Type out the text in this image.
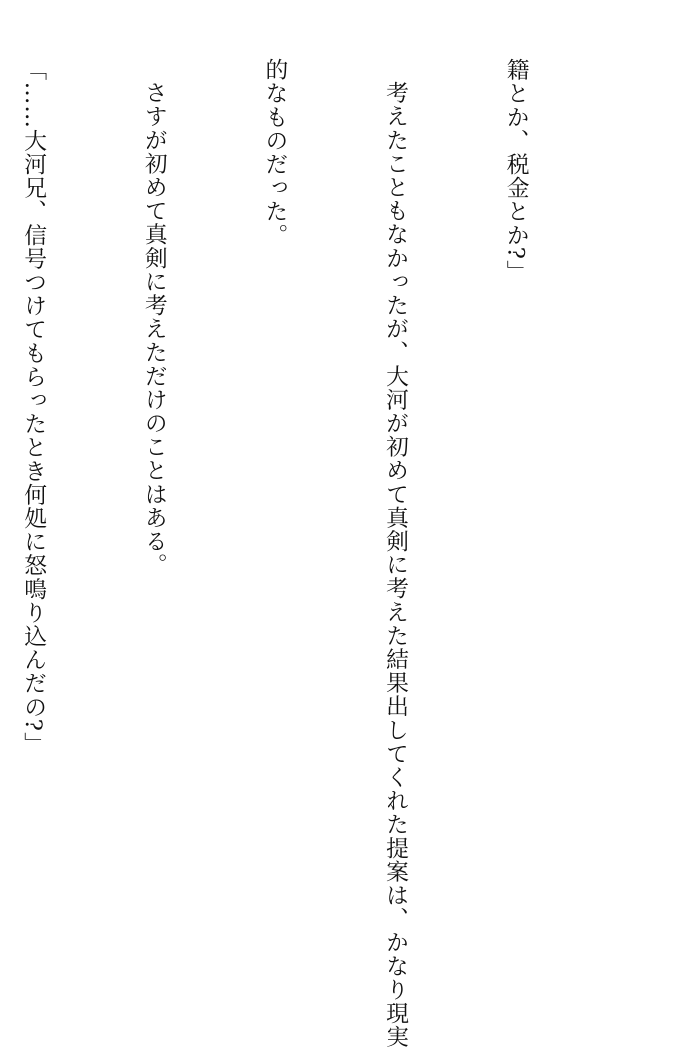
籍とか、税金とか?」

考えたこともなかったが、大河が初めて真剣に考えた結果出してくれた提案は、かなり現実

的なものだった。

さすが初めて真剣に考えただけのことはある。

「……大河兄、信号つけてもらったとき何処に怒鳴り込んだの?」
